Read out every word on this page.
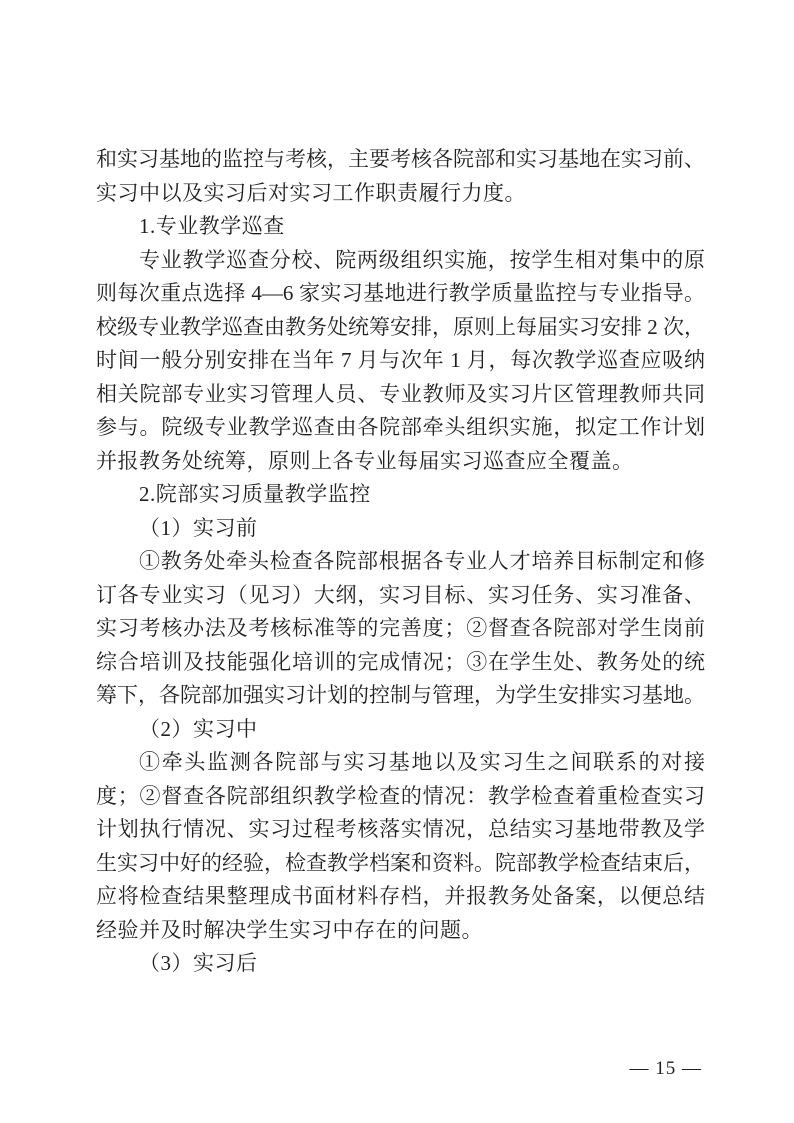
和实习基地的监控与考核，主要考核各院部和实习基地在实习前、
实习中以及实习后对实习工作职责履行力度。
1.专业教学巡查
专业教学巡查分校、院两级组织实施，按学生相对集中的原
则每次重点选择 4—6 家实习基地进行教学质量监控与专业指导。
校级专业教学巡查由教务处统筹安排，原则上每届实习安排 2 次，
时间一般分别安排在当年 7 月与次年 1 月，每次教学巡查应吸纳
相关院部专业实习管理人员、专业教师及实习片区管理教师共同
参与。院级专业教学巡查由各院部牵头组织实施，拟定工作计划
并报教务处统筹，原则上各专业每届实习巡查应全覆盖。
2.院部实习质量教学监控
（1）实习前
①教务处牵头检查各院部根据各专业人才培养目标制定和修
订各专业实习（见习）大纲，实习目标、实习任务、实习准备、
实习考核办法及考核标准等的完善度；②督查各院部对学生岗前
综合培训及技能强化培训的完成情况；③在学生处、教务处的统
筹下，各院部加强实习计划的控制与管理，为学生安排实习基地。
（2）实习中
①牵头监测各院部与实习基地以及实习生之间联系的对接
度；②督查各院部组织教学检查的情况：教学检查着重检查实习
计划执行情况、实习过程考核落实情况，总结实习基地带教及学
生实习中好的经验，检查教学档案和资料。院部教学检查结束后，
应将检查结果整理成书面材料存档，并报教务处备案，以便总结
经验并及时解决学生实习中存在的问题。
（3）实习后
— 15 —
